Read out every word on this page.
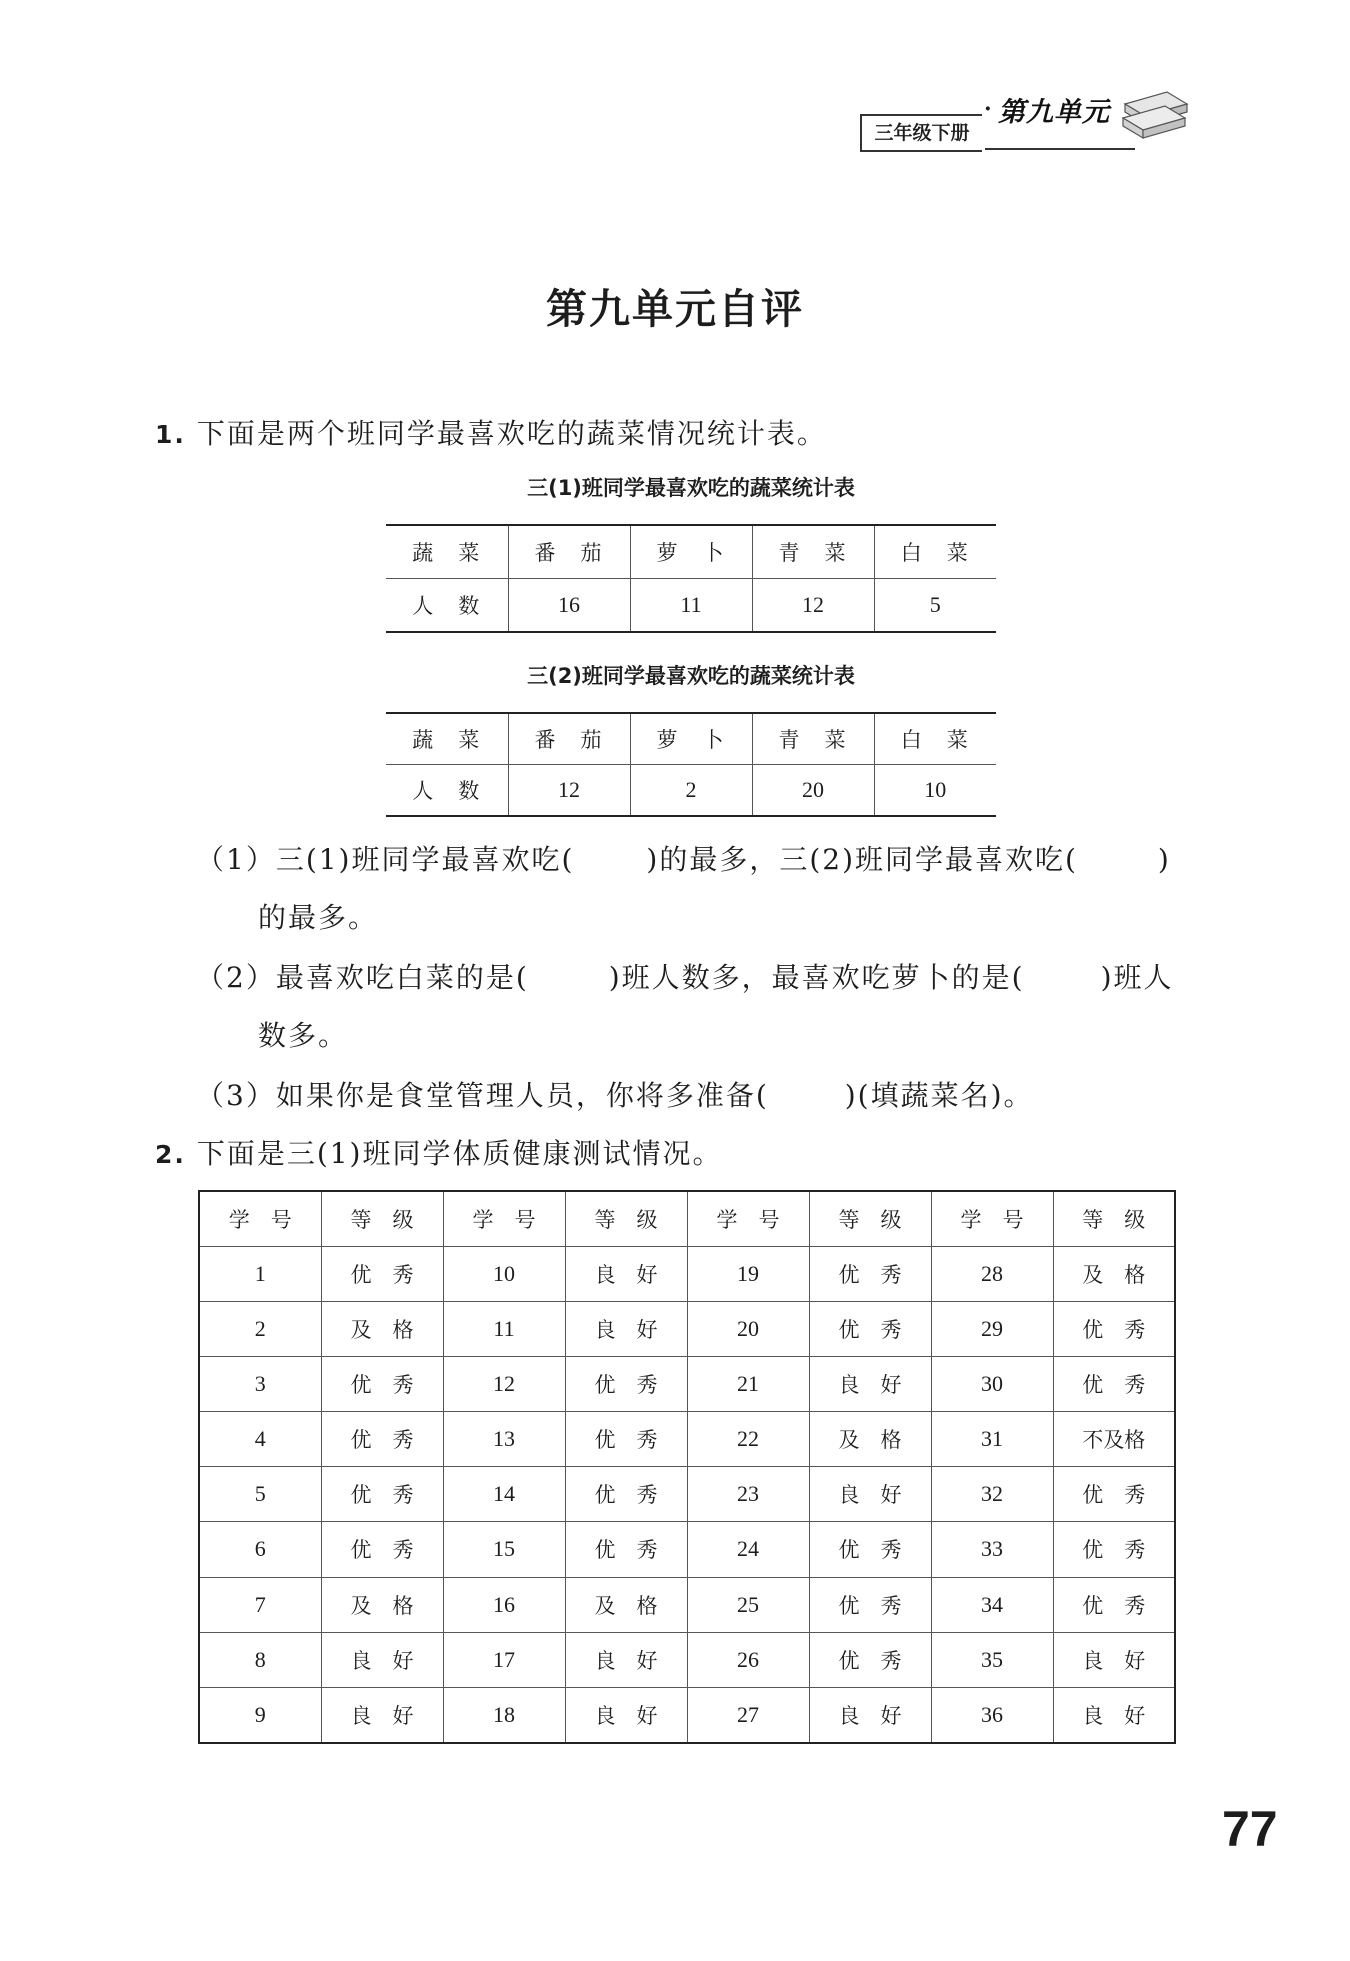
三年级下册
· 第九单元
第九单元自评
1. 下面是两个班同学最喜欢吃的蔬菜情况统计表。
三(1)班同学最喜欢吃的蔬菜统计表
蔬　菜	番　茄	萝　卜	青　菜	白　菜
人　数	16	11	12	5
三(2)班同学最喜欢吃的蔬菜统计表
蔬　菜	番　茄	萝　卜	青　菜	白　菜
人　数	12	2	20	10
（1）三(1)班同学最喜欢吃(	)的最多，三(2)班同学最喜欢吃(	)
的最多。
（2）最喜欢吃白菜的是(	)班人数多，最喜欢吃萝卜的是(	)班人
数多。
（3）如果你是食堂管理人员，你将多准备(	)(填蔬菜名)。
2. 下面是三(1)班同学体质健康测试情况。
学　号	等　级	学　号	等　级	学　号	等　级	学　号	等　级
1	优　秀	10	良　好	19	优　秀	28	及　格
2	及　格	11	良　好	20	优　秀	29	优　秀
3	优　秀	12	优　秀	21	良　好	30	优　秀
4	优　秀	13	优　秀	22	及　格	31	不及格
5	优　秀	14	优　秀	23	良　好	32	优　秀
6	优　秀	15	优　秀	24	优　秀	33	优　秀
7	及　格	16	及　格	25	优　秀	34	优　秀
8	良　好	17	良　好	26	优　秀	35	良　好
9	良　好	18	良　好	27	良　好	36	良　好
77
